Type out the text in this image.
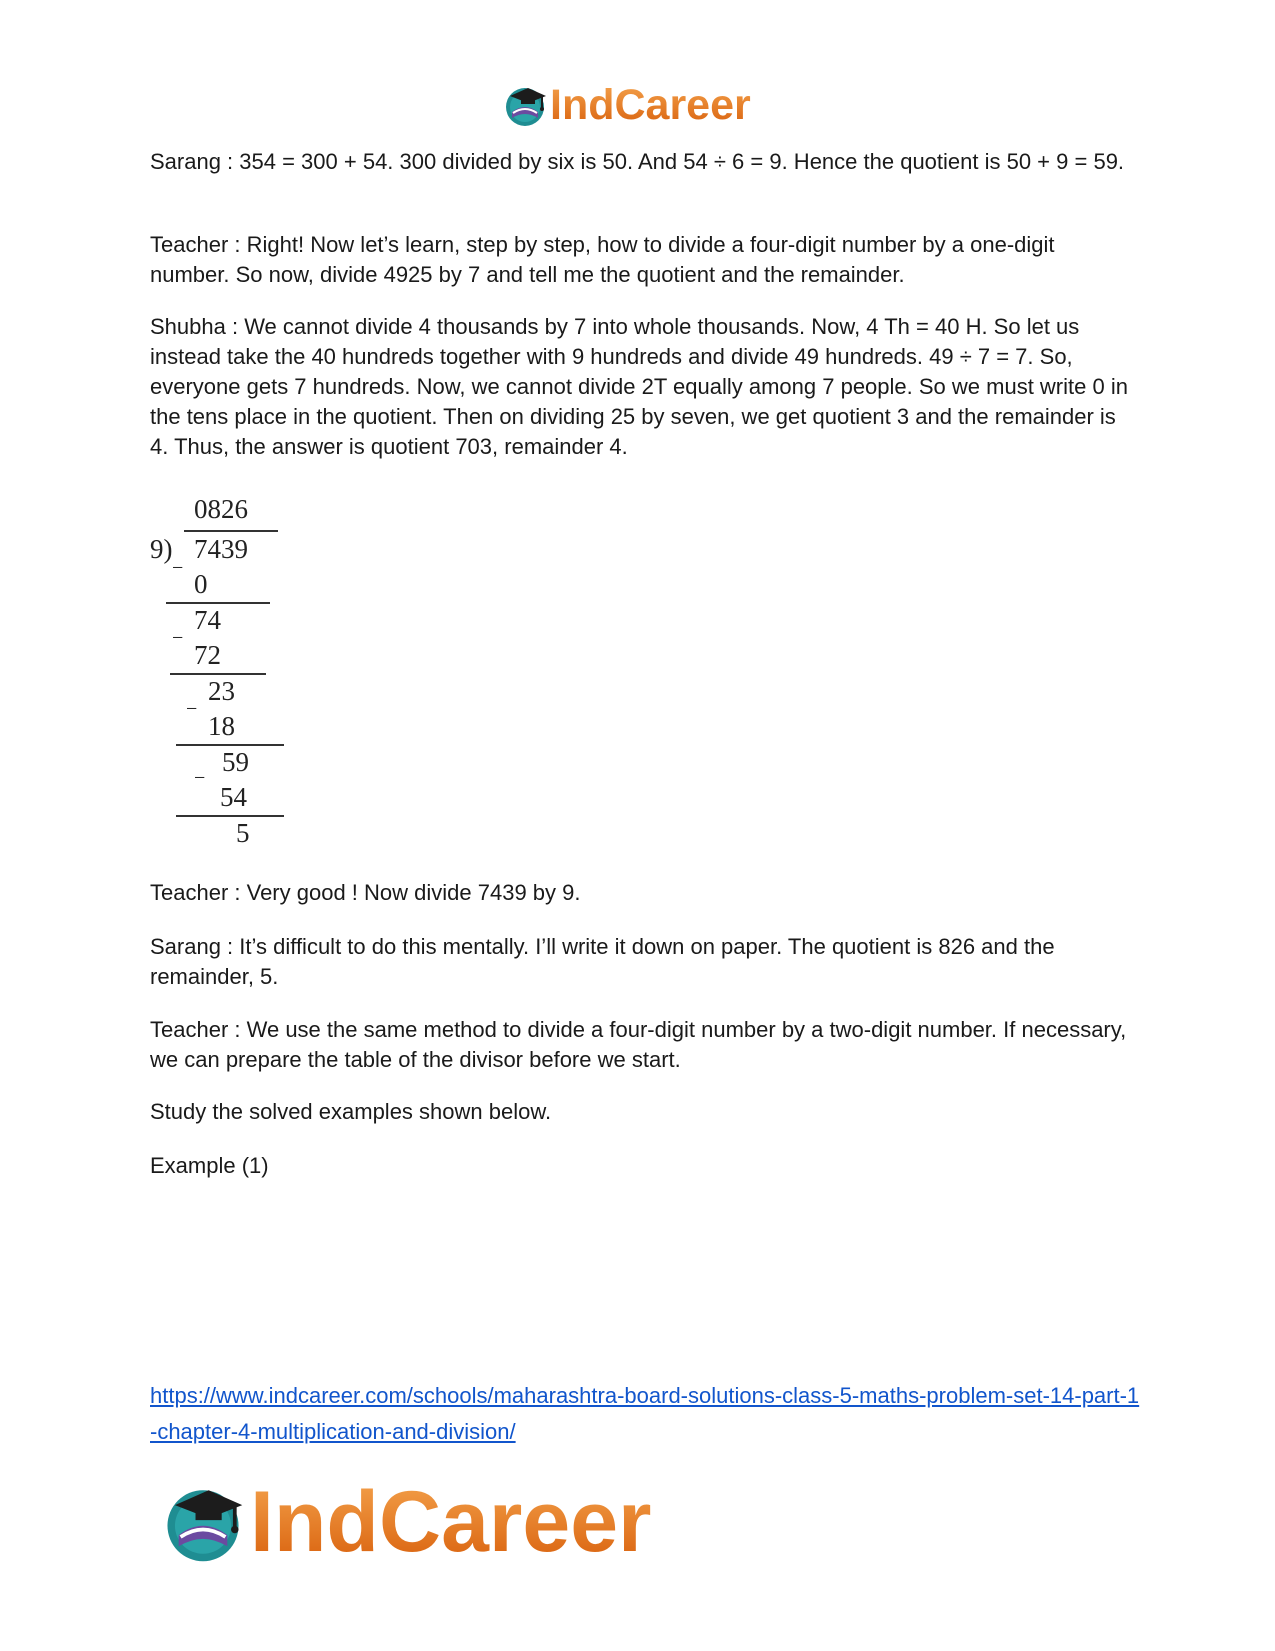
IndCareer

Sarang : 354 = 300 + 54. 300 divided by six is 50. And 54 ÷ 6 = 9. Hence the quotient is 50 + 9 = 59.

Teacher : Right! Now let’s learn, step by step, how to divide a four-digit number by a one-digit number. So now, divide 4925 by 7 and tell me the quotient and the remainder.

Shubha : We cannot divide 4 thousands by 7 into whole thousands. Now, 4 Th = 40 H. So let us instead take the 40 hundreds together with 9 hundreds and divide 49 hundreds. 49 ÷ 7 = 7. So, everyone gets 7 hundreds. Now, we cannot divide 2T equally among 7 people. So we must write 0 in the tens place in the quotient. Then on dividing 25 by seven, we get quotient 3 and the remainder is 4. Thus, the answer is quotient 703, remainder 4.

0826
9) 7439
−
0
74
−
72
23
−
18
59
−
54
5

Teacher : Very good ! Now divide 7439 by 9.

Sarang : It’s difficult to do this mentally. I’ll write it down on paper. The quotient is 826 and the remainder, 5.

Teacher : We use the same method to divide a four-digit number by a two-digit number. If necessary, we can prepare the table of the divisor before we start.

Study the solved examples shown below.

Example (1)

https://www.indcareer.com/schools/maharashtra-board-solutions-class-5-maths-problem-set-14-part-1-chapter-4-multiplication-and-division/
IndCareer
